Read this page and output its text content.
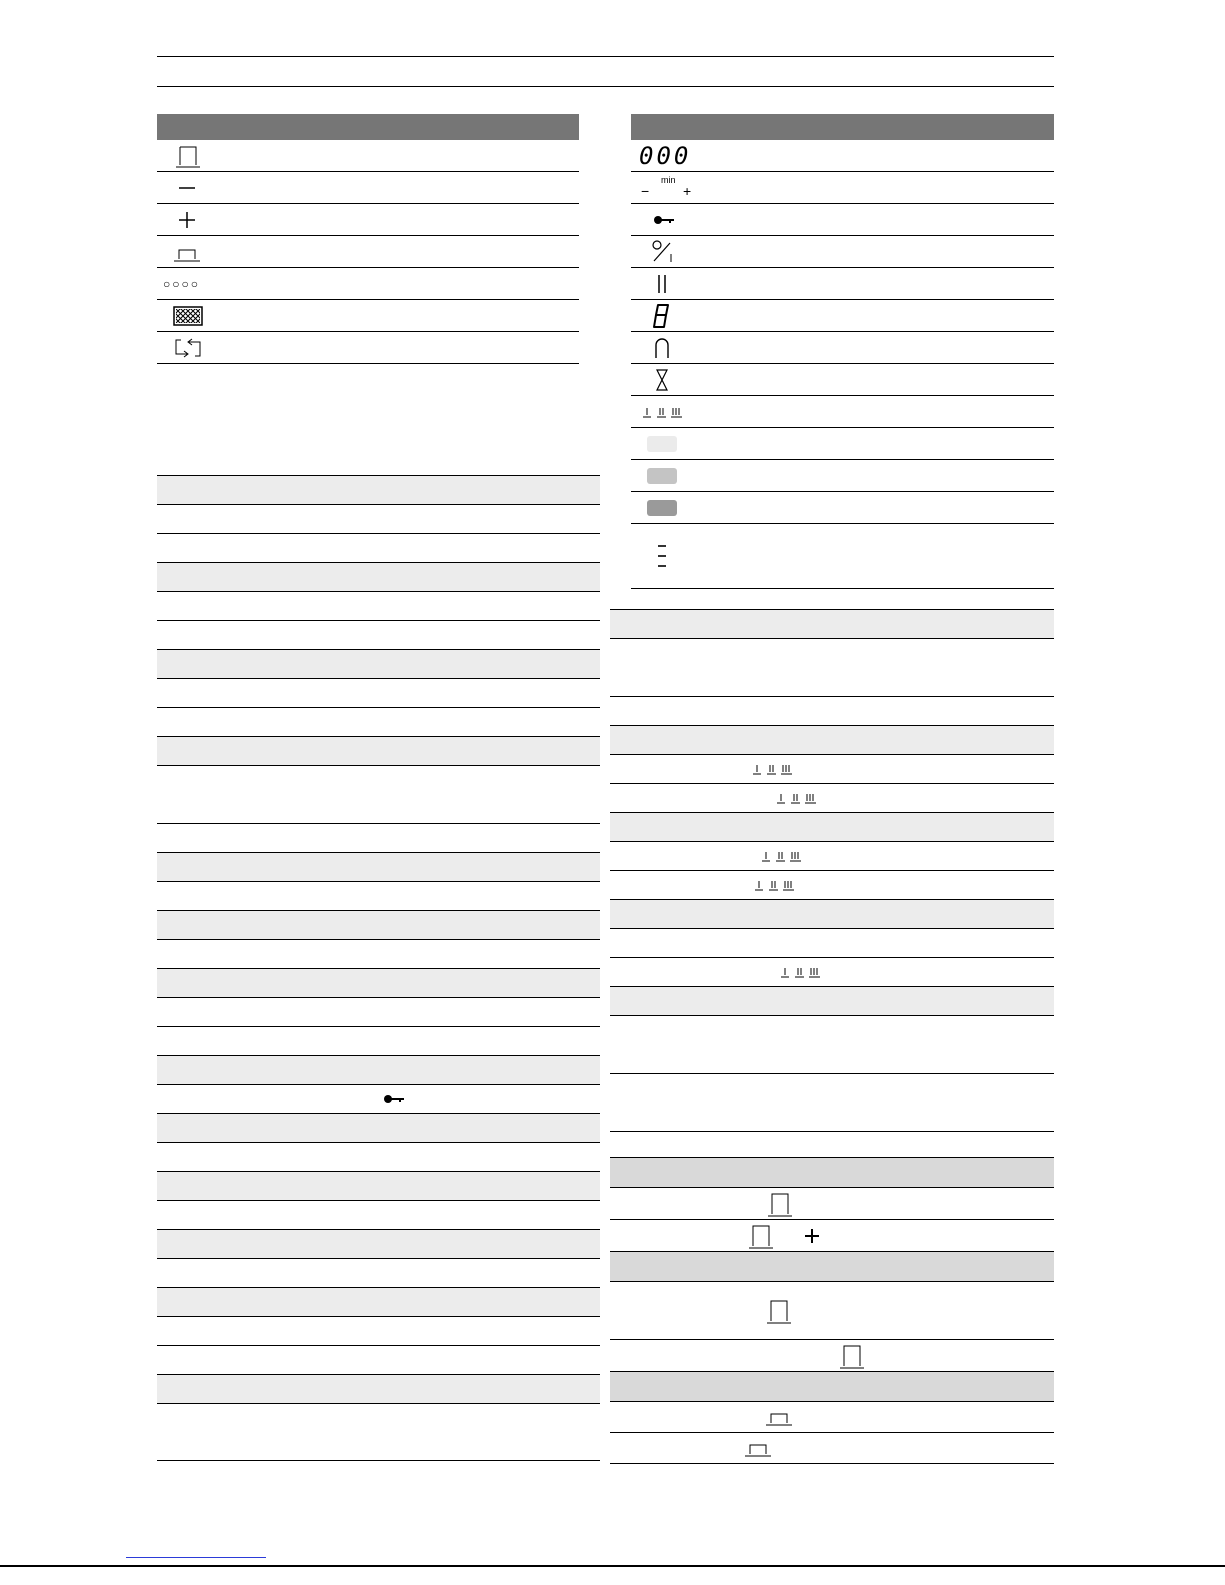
○○○○
000
min
− +
